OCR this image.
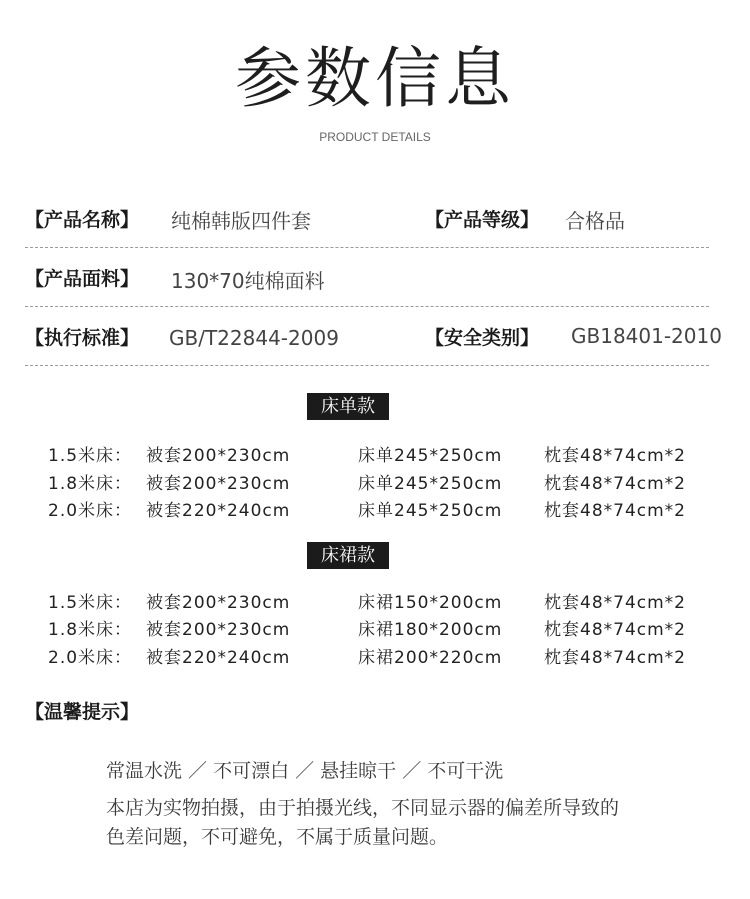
参数信息
PRODUCT DETAILS
【产品名称】 纯棉韩版四件套	【产品等级】 合格品
【产品面料】 130*70纯棉面料
【执行标准】 GB/T22844-2009	【安全类别】 GB18401-2010
床单款
1.5米床： 被套200*230cm	床单245*250cm 枕套48*74cm*2
1.8米床： 被套200*230cm	床单245*250cm 枕套48*74cm*2
2.0米床： 被套220*240cm	床单245*250cm 枕套48*74cm*2
床裙款
1.5米床： 被套200*230cm	床裙150*200cm 枕套48*74cm*2
1.8米床： 被套200*230cm	床裙180*200cm 枕套48*74cm*2
2.0米床： 被套220*240cm	床裙200*220cm 枕套48*74cm*2
【温馨提示】
常温水洗 ／ 不可漂白 ／ 悬挂晾干 ／ 不可干洗
本店为实物拍摄，由于拍摄光线，不同显示器的偏差所导致的
色差问题，不可避免，不属于质量问题。
